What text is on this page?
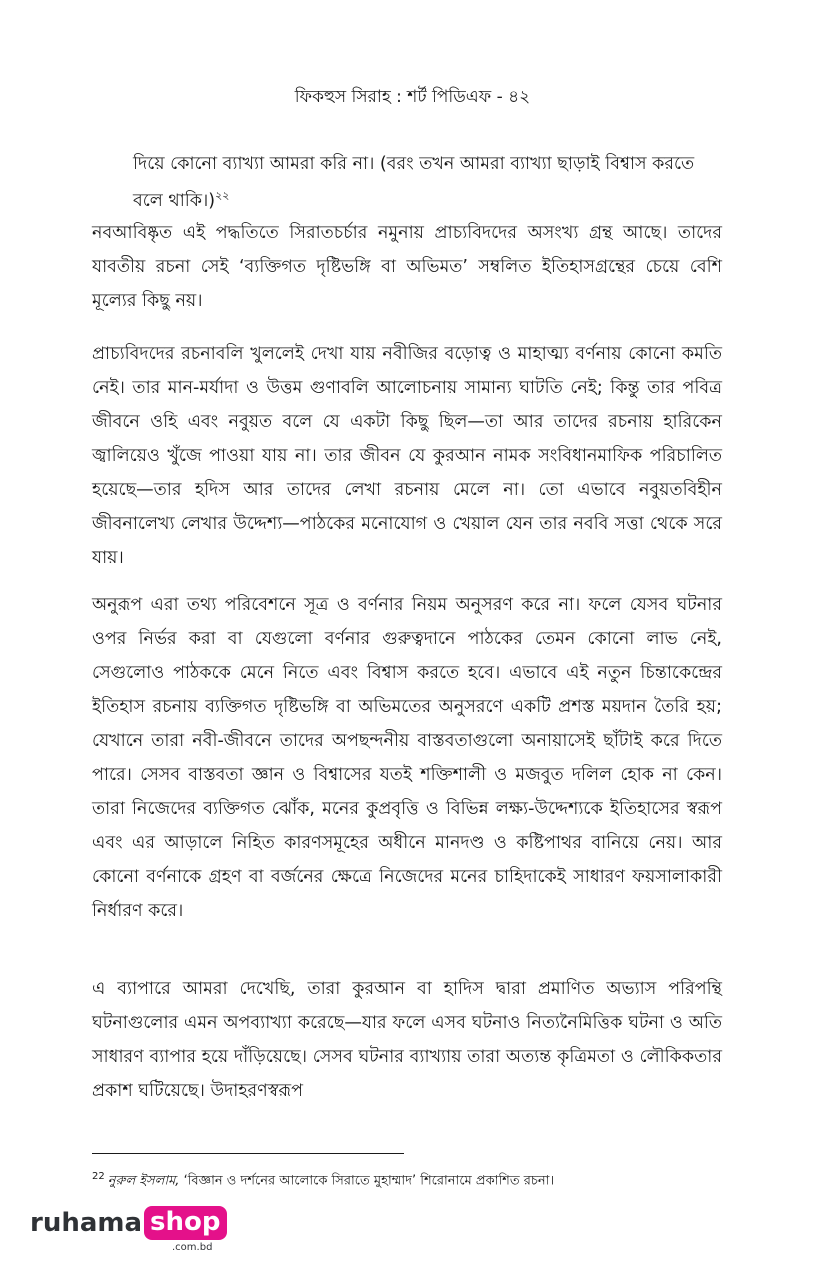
ফিকহুস সিরাহ : শর্ট পিডিএফ - ৪২
দিয়ে কোনো ব্যাখ্যা আমরা করি না। (বরং তখন আমরা ব্যাখ্যা ছাড়াই বিশ্বাস করতে বলে থাকি।)$^{২২}$

নবআবিষ্কৃত এই পদ্ধতিতে সিরাতচর্চার নমুনায় প্রাচ্যবিদদের অসংখ্য গ্রন্থ আছে। তাদের যাবতীয় রচনা সেই ‘ব্যক্তিগত দৃষ্টিভঙ্গি বা অভিমত’ সম্বলিত ইতিহাসগ্রন্থের চেয়ে বেশি মূল্যের কিছু নয়।

প্রাচ্যবিদদের রচনাবলি খুললেই দেখা যায় নবীজির বড়োত্ব ও মাহাত্ম্য বর্ণনায় কোনো কমতি নেই। তার মান-মর্যাদা ও উত্তম গুণাবলি আলোচনায় সামান্য ঘাটতি নেই; কিন্তু তার পবিত্র জীবনে ওহি এবং নবুয়ত বলে যে একটা কিছু ছিল—তা আর তাদের রচনায় হারিকেন জ্বালিয়েও খুঁজে পাওয়া যায় না। তার জীবন যে কুরআন নামক সংবিধানমাফিক পরিচালিত হয়েছে—তার হদিস আর তাদের লেখা রচনায় মেলে না। তো এভাবে নবুয়তবিহীন জীবনালেখ্য লেখার উদ্দেশ্য—পাঠকের মনোযোগ ও খেয়াল যেন তার নববি সত্তা থেকে সরে যায়।

অনুরূপ এরা তথ্য পরিবেশনে সূত্র ও বর্ণনার নিয়ম অনুসরণ করে না। ফলে যেসব ঘটনার ওপর নির্ভর করা বা যেগুলো বর্ণনার গুরুত্বদানে পাঠকের তেমন কোনো লাভ নেই, সেগুলোও পাঠককে মেনে নিতে এবং বিশ্বাস করতে হবে। এভাবে এই নতুন চিন্তাকেন্দ্রের ইতিহাস রচনায় ব্যক্তিগত দৃষ্টিভঙ্গি বা অভিমতের অনুসরণে একটি প্রশস্ত ময়দান তৈরি হয়; যেখানে তারা নবী-জীবনে তাদের অপছন্দনীয় বাস্তবতাগুলো অনায়াসেই ছাঁটাই করে দিতে পারে। সেসব বাস্তবতা জ্ঞান ও বিশ্বাসের যতই শক্তিশালী ও মজবুত দলিল হোক না কেন। তারা নিজেদের ব্যক্তিগত ঝোঁক, মনের কুপ্রবৃত্তি ও বিভিন্ন লক্ষ্য-উদ্দেশ্যকে ইতিহাসের স্বরূপ এবং এর আড়ালে নিহিত কারণসমূহের অধীনে মানদণ্ড ও কষ্টিপাথর বানিয়ে নেয়। আর কোনো বর্ণনাকে গ্রহণ বা বর্জনের ক্ষেত্রে নিজেদের মনের চাহিদাকেই সাধারণ ফয়সালাকারী নির্ধারণ করে।

এ ব্যাপারে আমরা দেখেছি, তারা কুরআন বা হাদিস দ্বারা প্রমাণিত অভ্যাস পরিপন্থি ঘটনাগুলোর এমন অপব্যাখ্যা করেছে—যার ফলে এসব ঘটনাও নিত্যনৈমিত্তিক ঘটনা ও অতি সাধারণ ব্যাপার হয়ে দাঁড়িয়েছে। সেসব ঘটনার ব্যাখ্যায় তারা অত্যন্ত কৃত্রিমতা ও লৌকিকতার প্রকাশ ঘটিয়েছে। উদাহরণস্বরূপ

$^{22}$ নুরুল ইসলাম, ‘বিজ্ঞান ও দর্শনের আলোকে সিরাতে মুহাম্মাদ’ শিরোনামে প্রকাশিত রচনা।
ruhama shop
.com.bd
